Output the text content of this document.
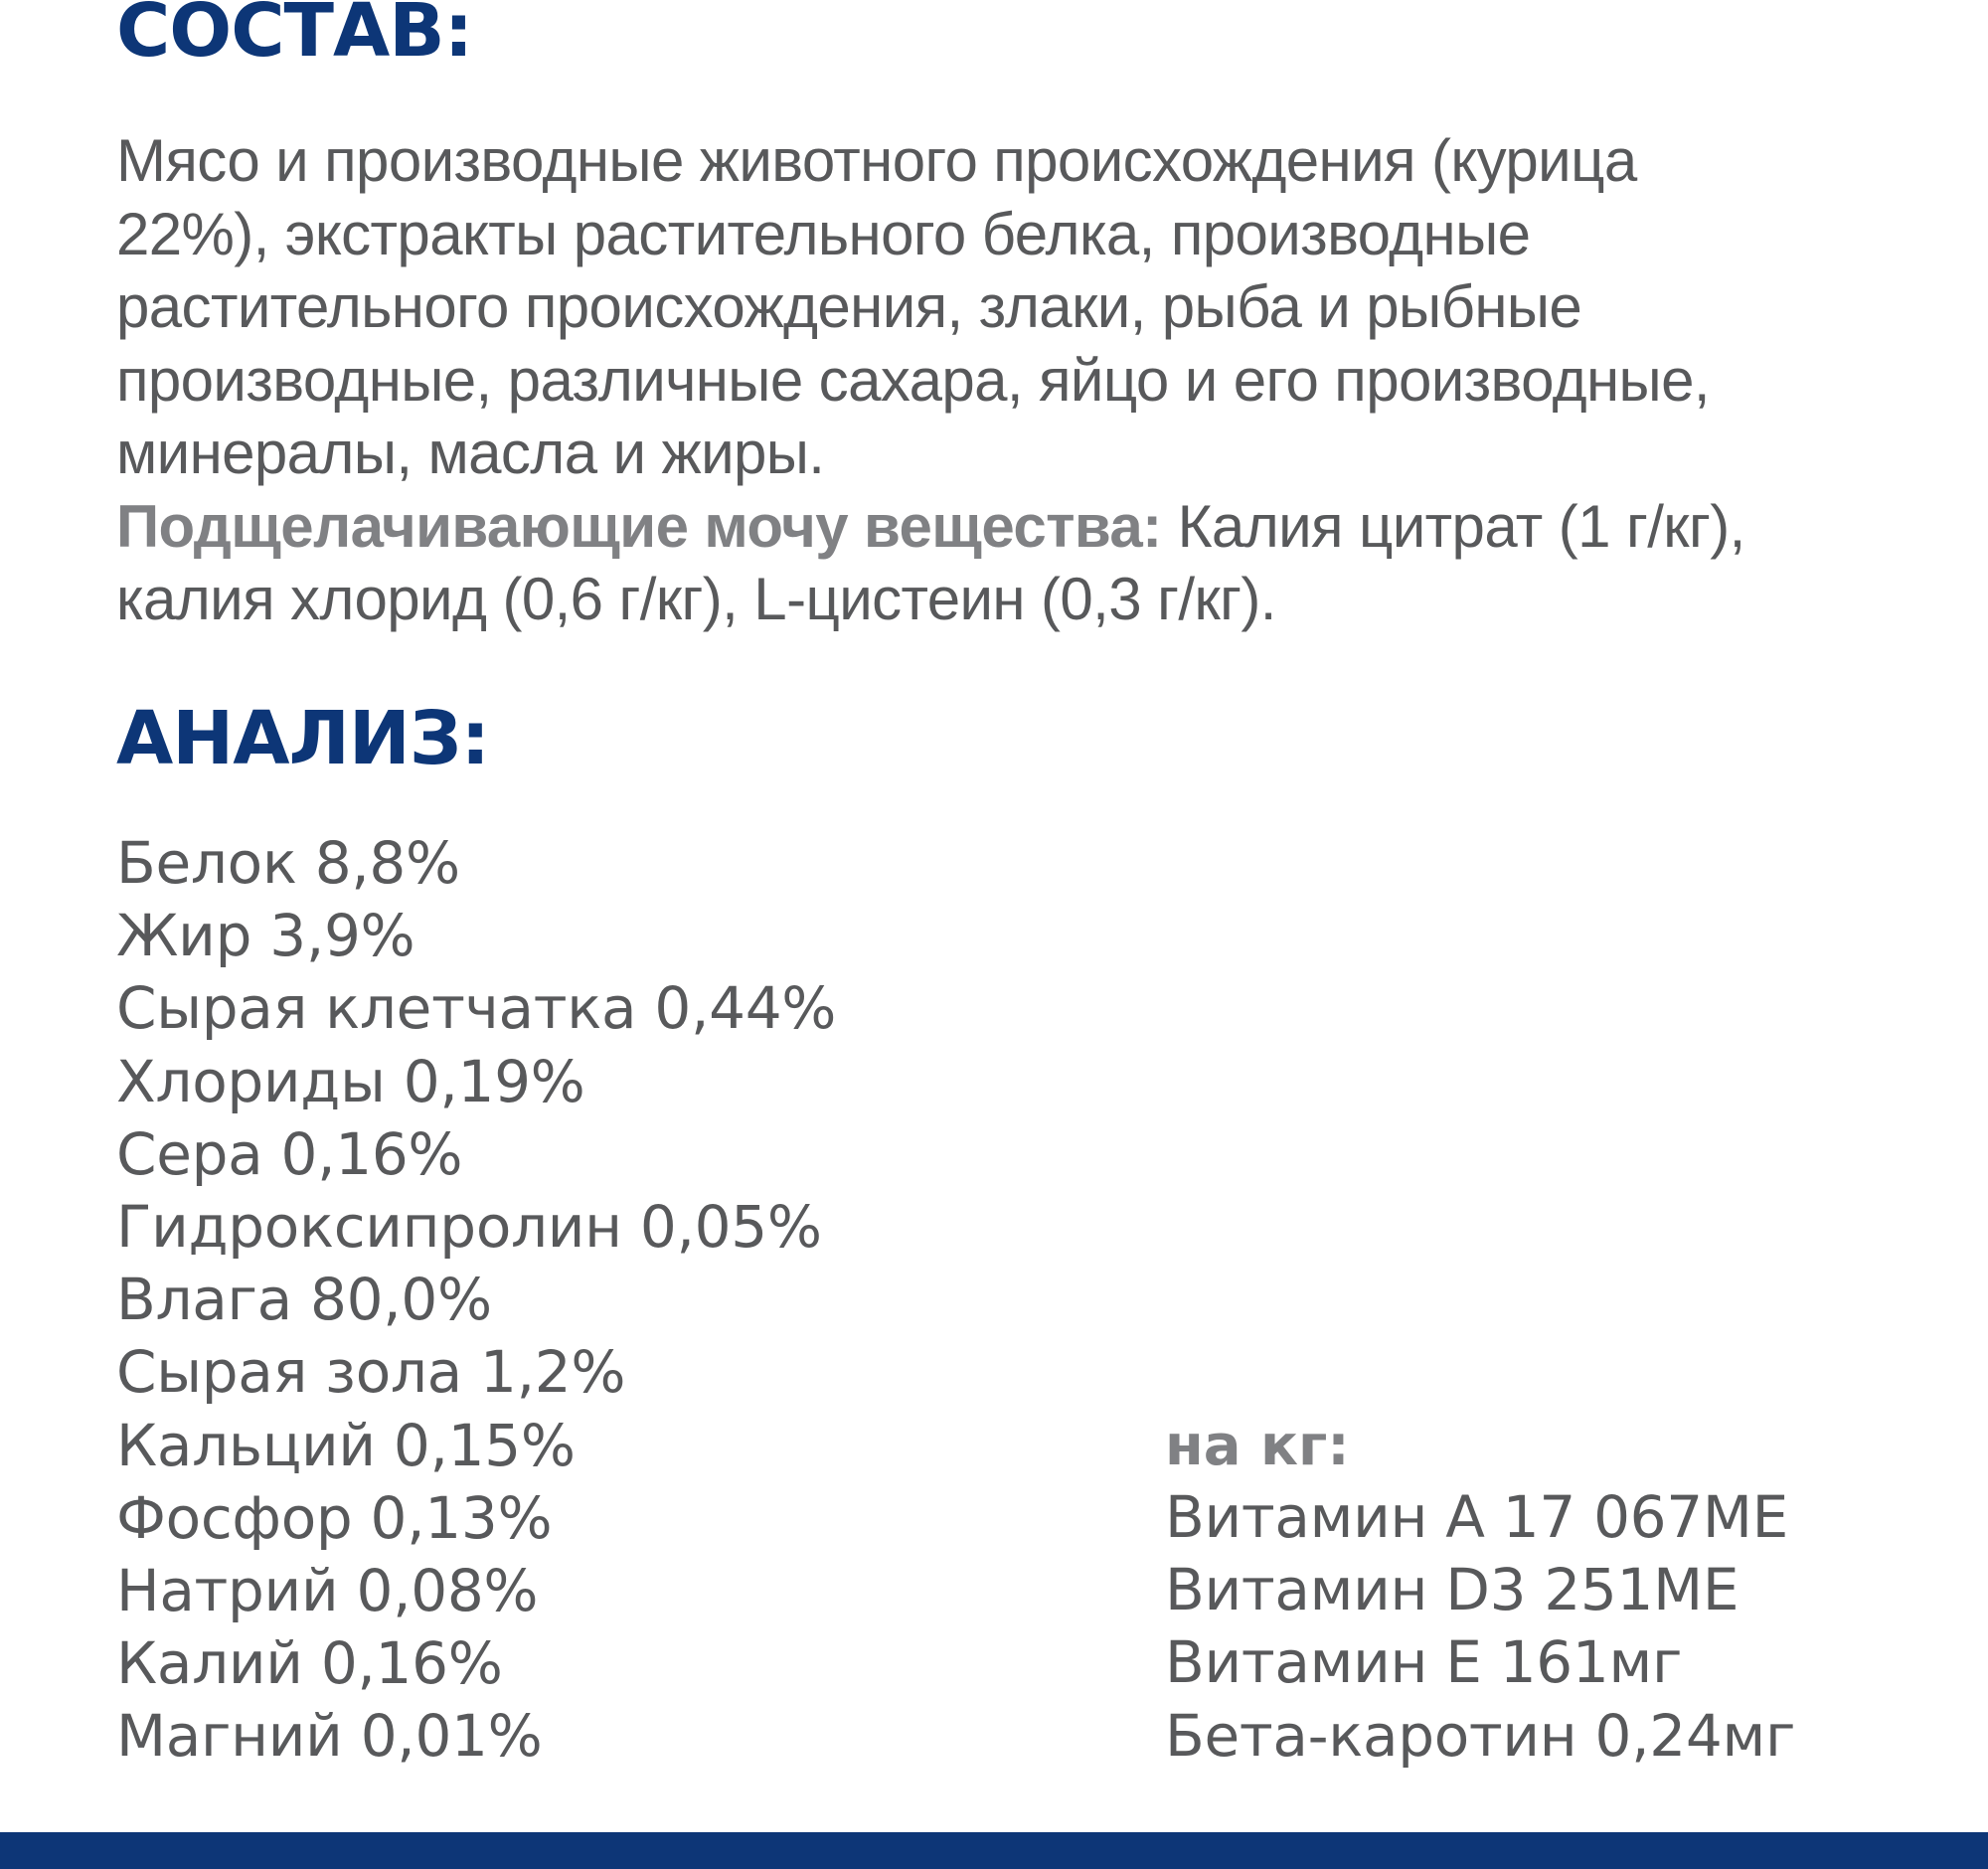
СОСТАВ:

Мясо и производные животного происхождения (курица
22%), экстракты растительного белка, производные
растительного происхождения, злаки, рыба и рыбные
производные, различные сахара, яйцо и его производные,
минералы, масла и жиры.
Подщелачивающие мочу вещества: Калия цитрат (1 г/кг),
калия хлорид (0,6 г/кг), L-цистеин (0,3 г/кг).

АНАЛИЗ:
Белок 8,8%
Жир 3,9%
Сырая клетчатка 0,44%
Хлориды 0,19%
Сера 0,16%
Гидроксипролин 0,05%
Влага 80,0%
Сырая зола 1,2%
Кальций 0,15%
Фосфор 0,13%
Натрий 0,08%
Калий 0,16%
Магний 0,01%

на кг:

Витамин А 17 067МЕ
Витамин D3 251МЕ
Витамин Е 161мг
Бета-каротин 0,24мг
